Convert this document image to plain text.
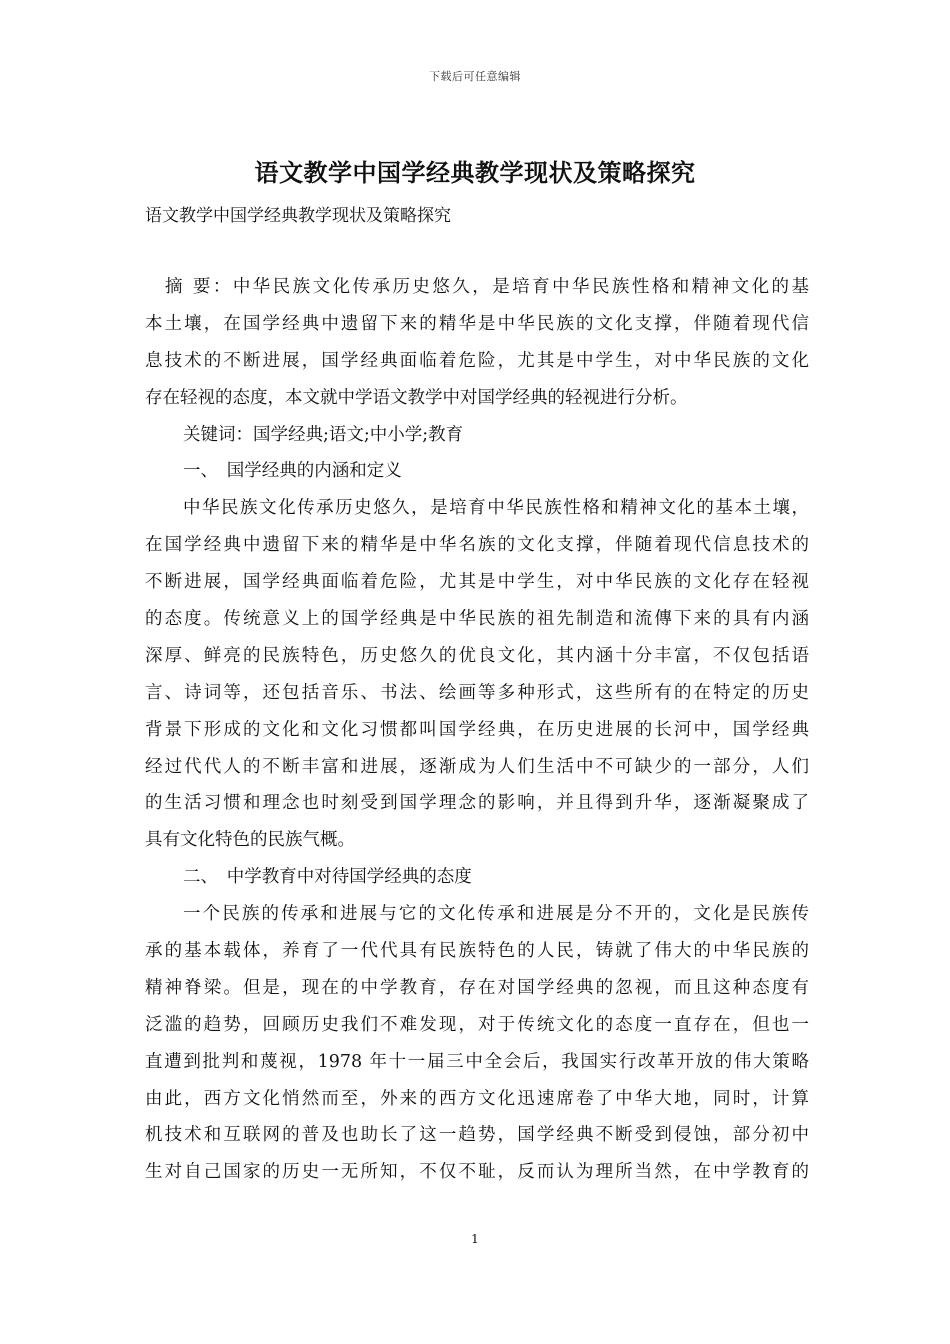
下载后可任意编辑
语文教学中国学经典教学现状及策略探究
语文教学中国学经典教学现状及策略探究
　摘 要：中华民族文化传承历史悠久，是培育中华民族性格和精神文化的基
本土壤，在国学经典中遗留下来的精华是中华民族的文化支撑，伴随着现代信
息技术的不断进展，国学经典面临着危险，尤其是中学生，对中华民族的文化
存在轻视的态度，本文就中学语文教学中对国学经典的轻视进行分析。
关键词：国学经典;语文;中小学;教育
一、　国学经典的内涵和定义
中华民族文化传承历史悠久，是培育中华民族性格和精神文化的基本土壤，
在国学经典中遗留下来的精华是中华名族的文化支撑，伴随着现代信息技术的
不断进展，国学经典面临着危险，尤其是中学生，对中华民族的文化存在轻视
的态度。传统意义上的国学经典是中华民族的祖先制造和流傳下来的具有内涵
深厚、鲜亮的民族特色，历史悠久的优良文化，其内涵十分丰富，不仅包括语
言、诗词等，还包括音乐、书法、绘画等多种形式，这些所有的在特定的历史
背景下形成的文化和文化习惯都叫国学经典，在历史进展的长河中，国学经典
经过代代人的不断丰富和进展，逐渐成为人们生活中不可缺少的一部分，人们
的生活习惯和理念也时刻受到国学理念的影响，并且得到升华，逐渐凝聚成了
具有文化特色的民族气概。
二、　中学教育中对待国学经典的态度
一个民族的传承和进展与它的文化传承和进展是分不开的，文化是民族传
承的基本载体，养育了一代代具有民族特色的人民，铸就了伟大的中华民族的
精神脊梁。但是，现在的中学教育，存在对国学经典的忽视，而且这种态度有
泛滥的趋势，回顾历史我们不难发现，对于传统文化的态度一直存在，但也一
直遭到批判和蔑视，1978 年十一届三中全会后，我国实行改革开放的伟大策略
由此，西方文化悄然而至，外来的西方文化迅速席卷了中华大地，同时，计算
机技术和互联网的普及也助长了这一趋势，国学经典不断受到侵蚀，部分初中
生对自己国家的历史一无所知，不仅不耻，反而认为理所当然，在中学教育的
1
